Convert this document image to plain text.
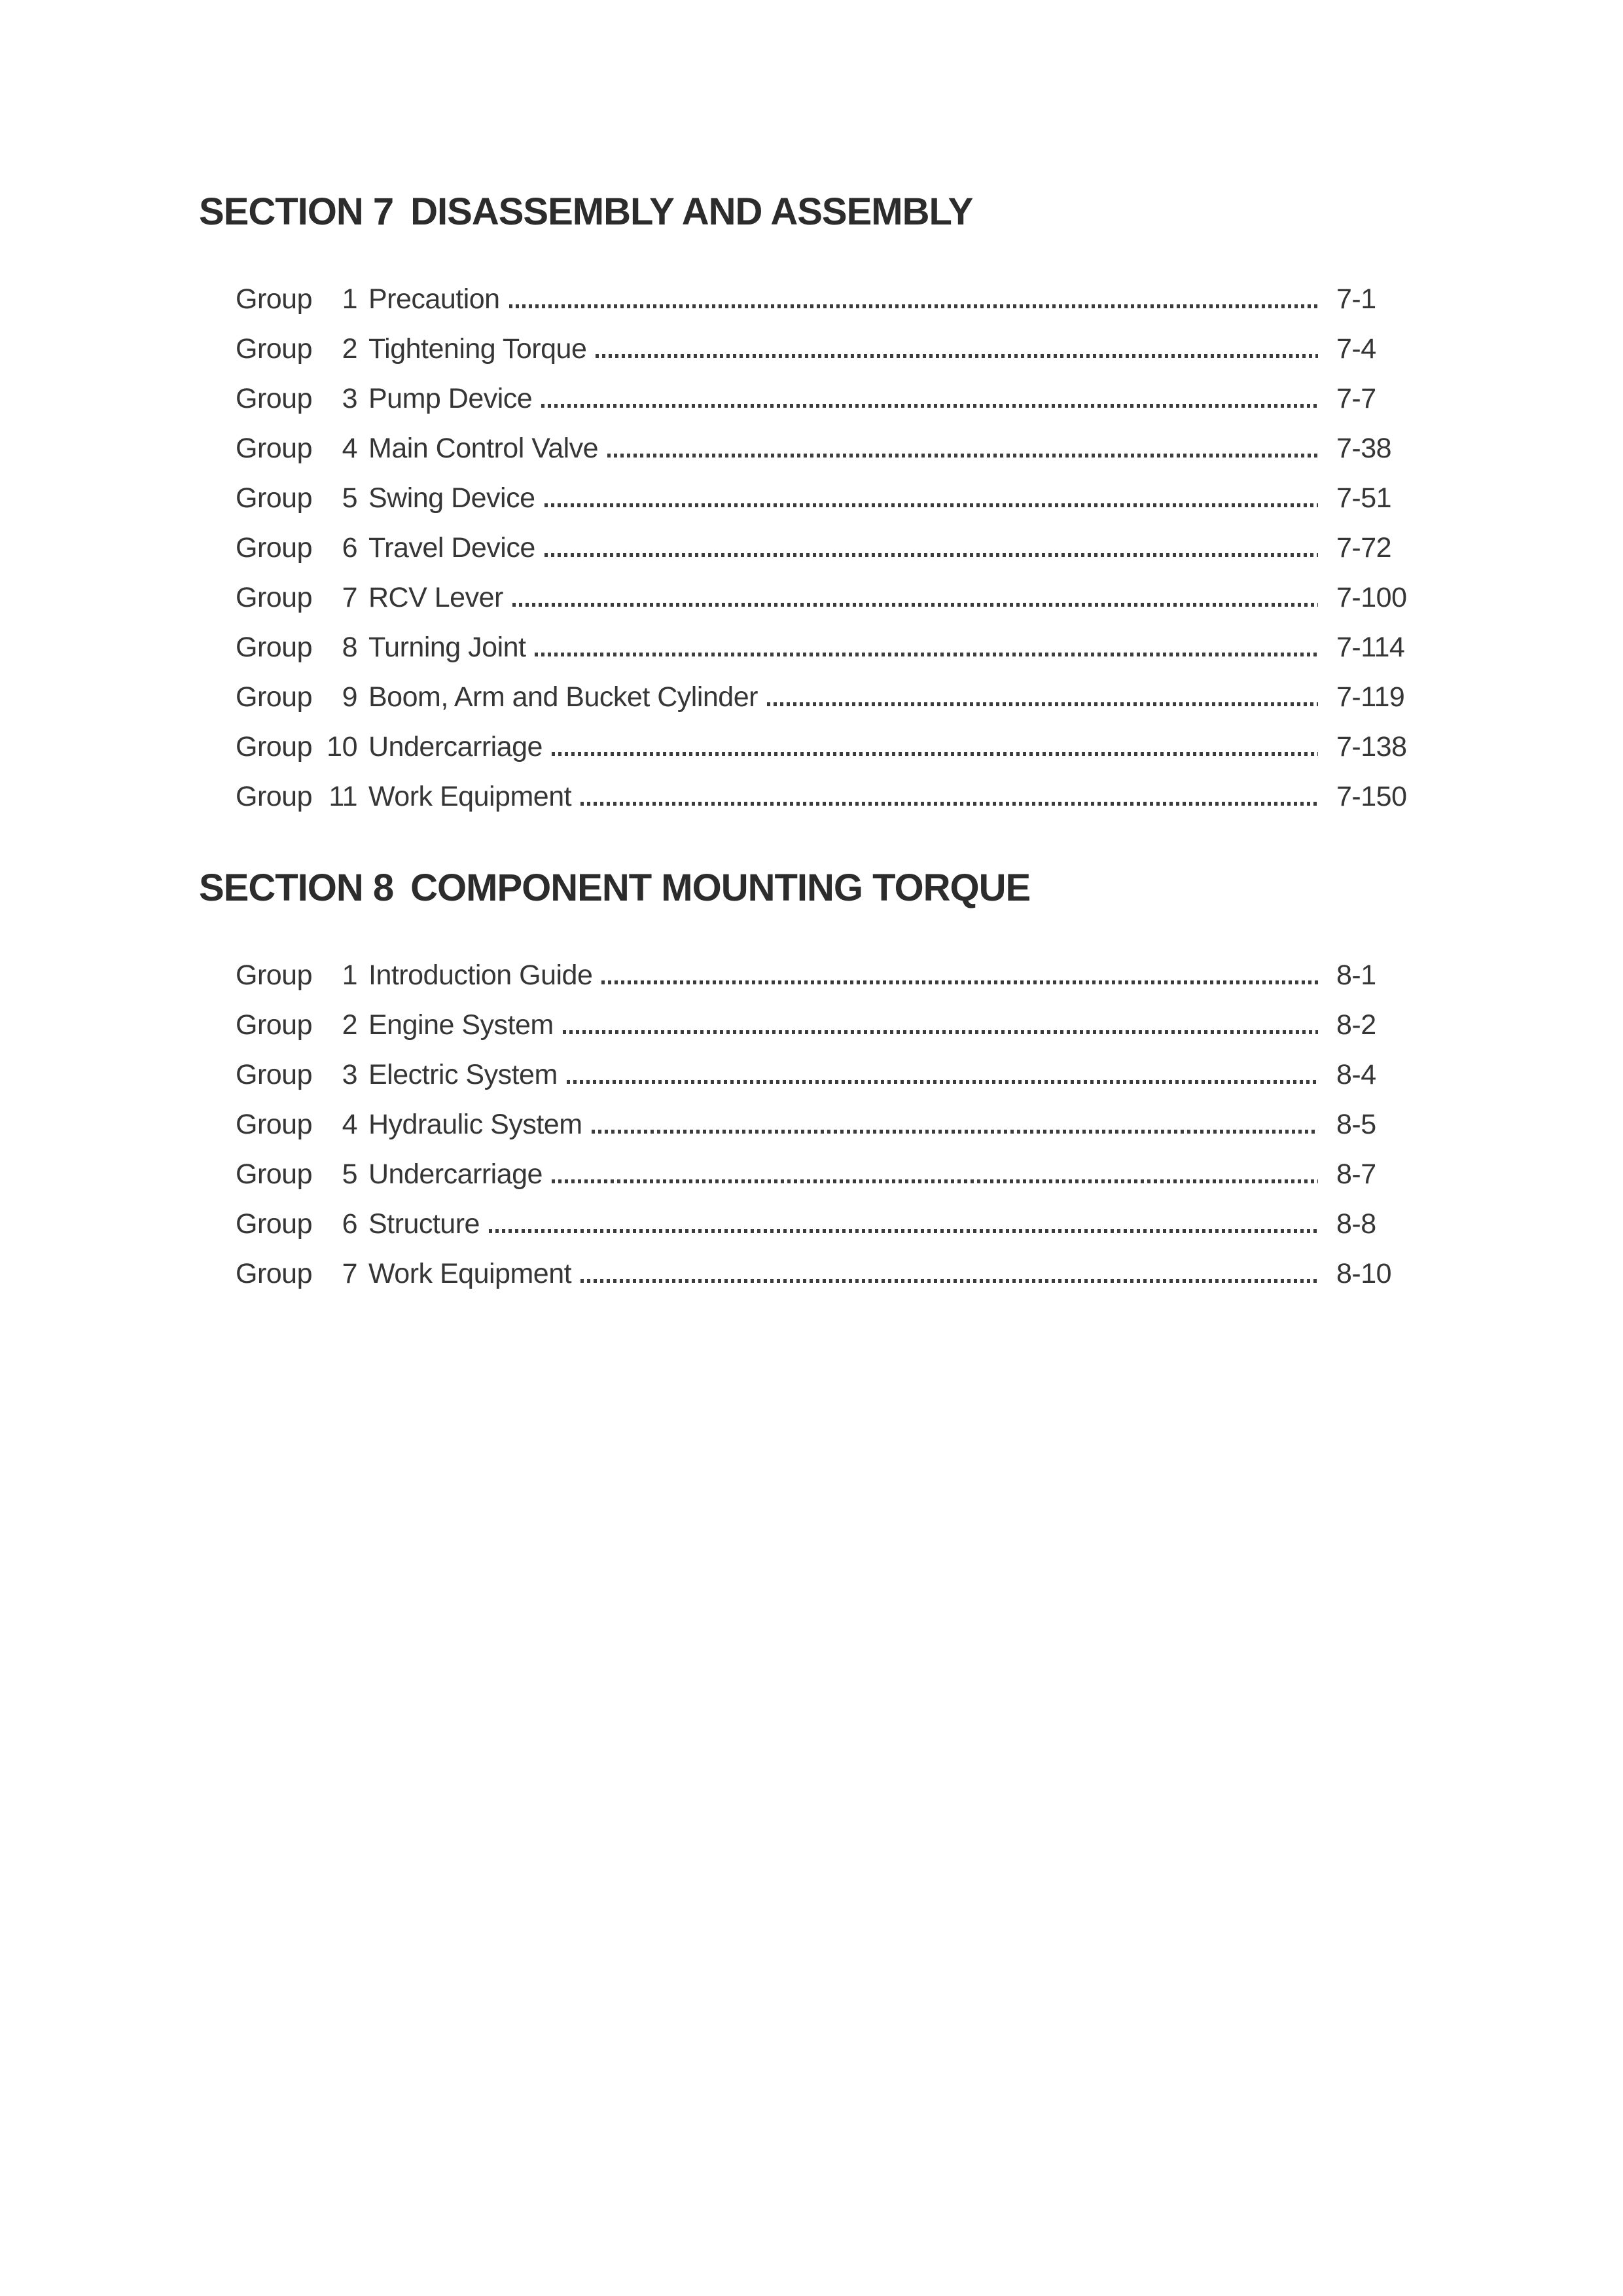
SECTION 7 DISASSEMBLY AND ASSEMBLY
Group	1 Precaution	7-1
Group	2 Tightening Torque	7-4
Group	3 Pump Device	7-7
Group	4 Main Control Valve	7-38
Group	5 Swing Device	7-51
Group	6 Travel Device	7-72
Group	7 RCV Lever	7-100
Group	8 Turning Joint	7-114
Group	9 Boom, Arm and Bucket Cylinder	7-119
Group 10 Undercarriage	7-138
Group 11 Work Equipment	7-150
SECTION 8 COMPONENT MOUNTING TORQUE
Group	1 Introduction Guide	8-1
Group	2 Engine System	8-2
Group	3 Electric System	8-4
Group	4 Hydraulic System	8-5
Group	5 Undercarriage	8-7
Group	6 Structure	8-8
Group	7 Work Equipment	8-10
